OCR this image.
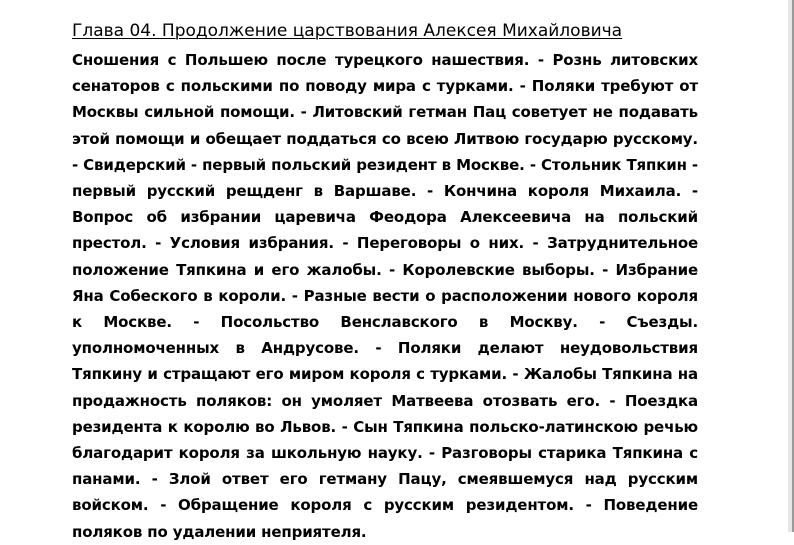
Глава 04. Продолжение царствования Алексея Михайловича

Сношения с Польшею после турецкого нашествия. - Рознь литовских сенаторов с польскими по поводу мира с турками. - Поляки требуют от Москвы сильной помощи. - Литовский гетман Пац советует не подавать этой помощи и обещает поддаться со всею Литвою государю русскому. - Свидерский - первый польский резидент в Москве. - Стольник Тяпкин - первый русский рещденг в Варшаве. - Кончина короля Михаила. - Вопрос об избрании царевича Феодора Алексеевича на польский престол. - Условия избрания. - Переговоры о них. - Затруднительное положение Тяпкина и его жалобы. - Королевские выборы. - Избрание Яна Собеского в короли. - Разные вести о расположении нового короля к Москве. - Посольство Венславского в Москву. - Съезды. уполномоченных в Андрусове. - Поляки делают неудовольствия Тяпкину и стращают его миром короля с турками. - Жалобы Тяпкина на продажность поляков: он умоляет Матвеева отозвать его. - Поездка резидента к королю во Львов. - Сын Тяпкина польско-латинскою речью благодарит короля за школьную науку. - Разговоры старика Тяпкина с панами. - Злой ответ его гетману Пацу, смеявшемуся над русским войском. - Обращение короля с русским резидентом. - Поведение поляков по удалении неприятеля.
